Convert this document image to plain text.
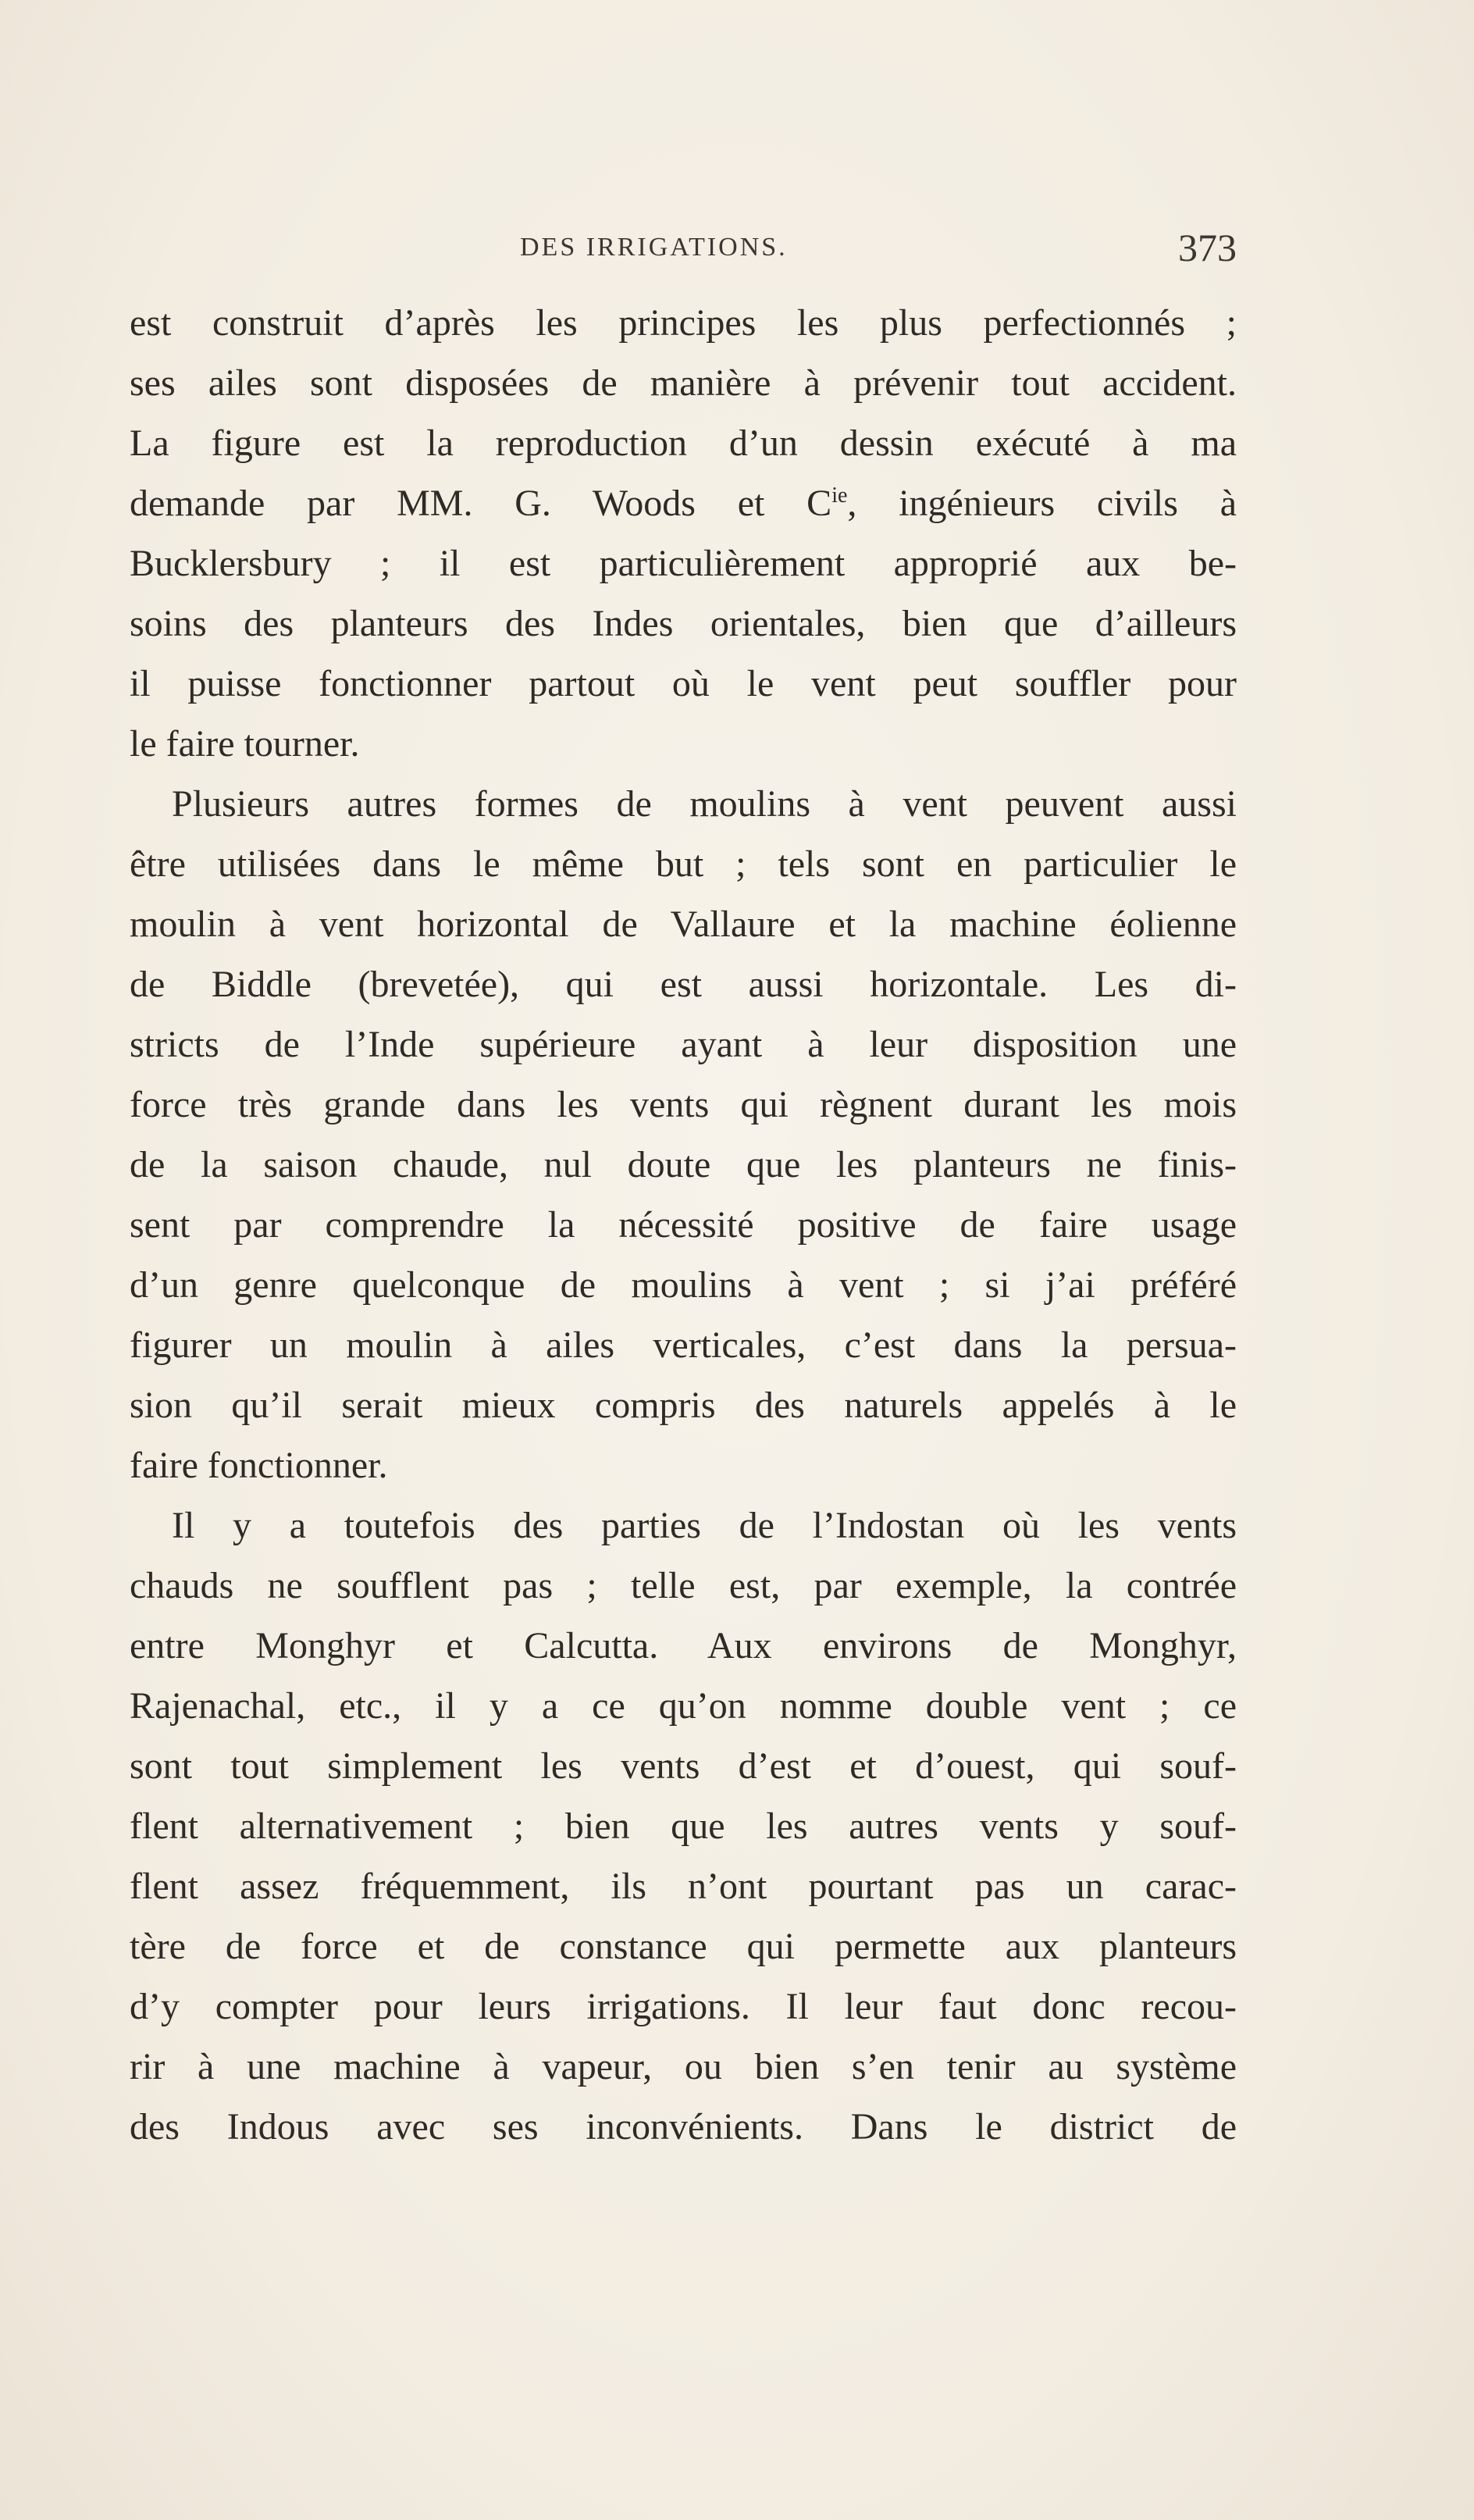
DES IRRIGATIONS.	373
est construit d’après les principes les plus perfectionnés ;
ses ailes sont disposées de manière à prévenir tout accident.
La figure est la reproduction d’un dessin exécuté à ma
demande par MM. G. Woods et $C^{ie}$, ingénieurs civils à
Bucklersbury ; il est particulièrement approprié aux be-
soins des planteurs des Indes orientales, bien que d’ailleurs
il puisse fonctionner partout où le vent peut souffler pour
le faire tourner.
Plusieurs autres formes de moulins à vent peuvent aussi
être utilisées dans le même but ; tels sont en particulier le
moulin à vent horizontal de Vallaure et la machine éolienne
de Biddle (brevetée), qui est aussi horizontale. Les di-
stricts de l’Inde supérieure ayant à leur disposition une
force très grande dans les vents qui règnent durant les mois
de la saison chaude, nul doute que les planteurs ne finis-
sent par comprendre la nécessité positive de faire usage
d’un genre quelconque de moulins à vent ; si j’ai préféré
figurer un moulin à ailes verticales, c’est dans la persua-
sion qu’il serait mieux compris des naturels appelés à le
faire fonctionner.
Il y a toutefois des parties de l’Indostan où les vents
chauds ne soufflent pas ; telle est, par exemple, la contrée
entre Monghyr et Calcutta. Aux environs de Monghyr,
Rajenachal, etc., il y a ce qu’on nomme double vent ; ce
sont tout simplement les vents d’est et d’ouest, qui souf-
flent alternativement ; bien que les autres vents y souf-
flent assez fréquemment, ils n’ont pourtant pas un carac-
tère de force et de constance qui permette aux planteurs
d’y compter pour leurs irrigations. Il leur faut donc recou-
rir à une machine à vapeur, ou bien s’en tenir au système
des Indous avec ses inconvénients. Dans le district de
